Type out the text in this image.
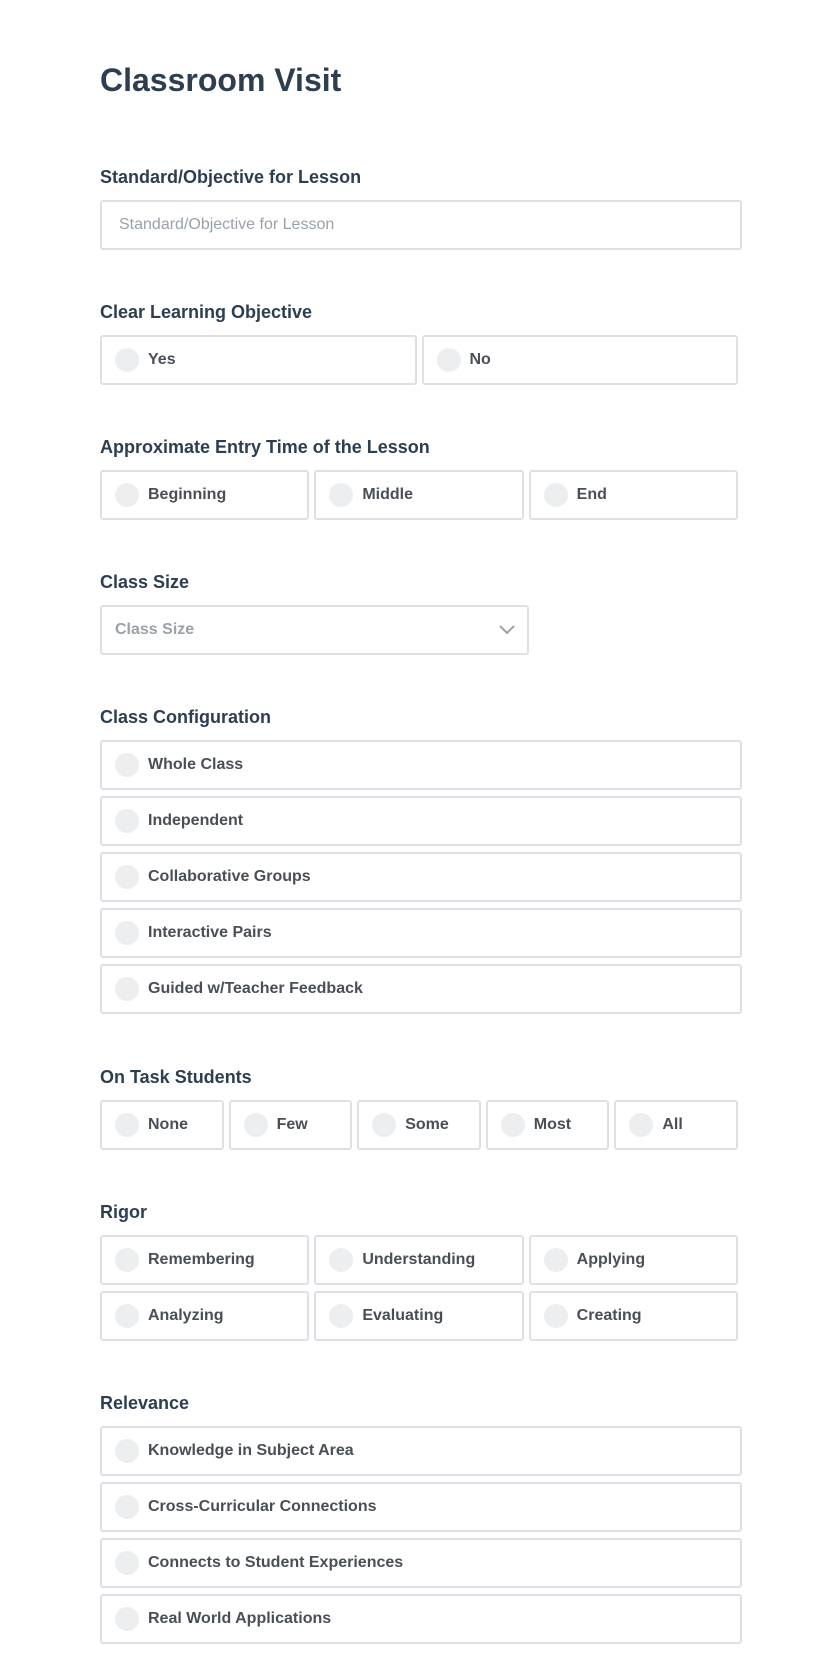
Classroom Visit
Standard/Objective for Lesson
Standard/Objective for Lesson
Clear Learning Objective
Yes	No
Approximate Entry Time of the Lesson
Beginning	Middle	End
Class Size
Class Size
Class Configuration
Whole Class
Independent
Collaborative Groups
Interactive Pairs
Guided w/Teacher Feedback
On Task Students
None	Few	Some	Most	All
Rigor
Remembering	Understanding	Applying
Analyzing	Evaluating	Creating
Relevance
Knowledge in Subject Area
Cross-Curricular Connections
Connects to Student Experiences
Real World Applications
